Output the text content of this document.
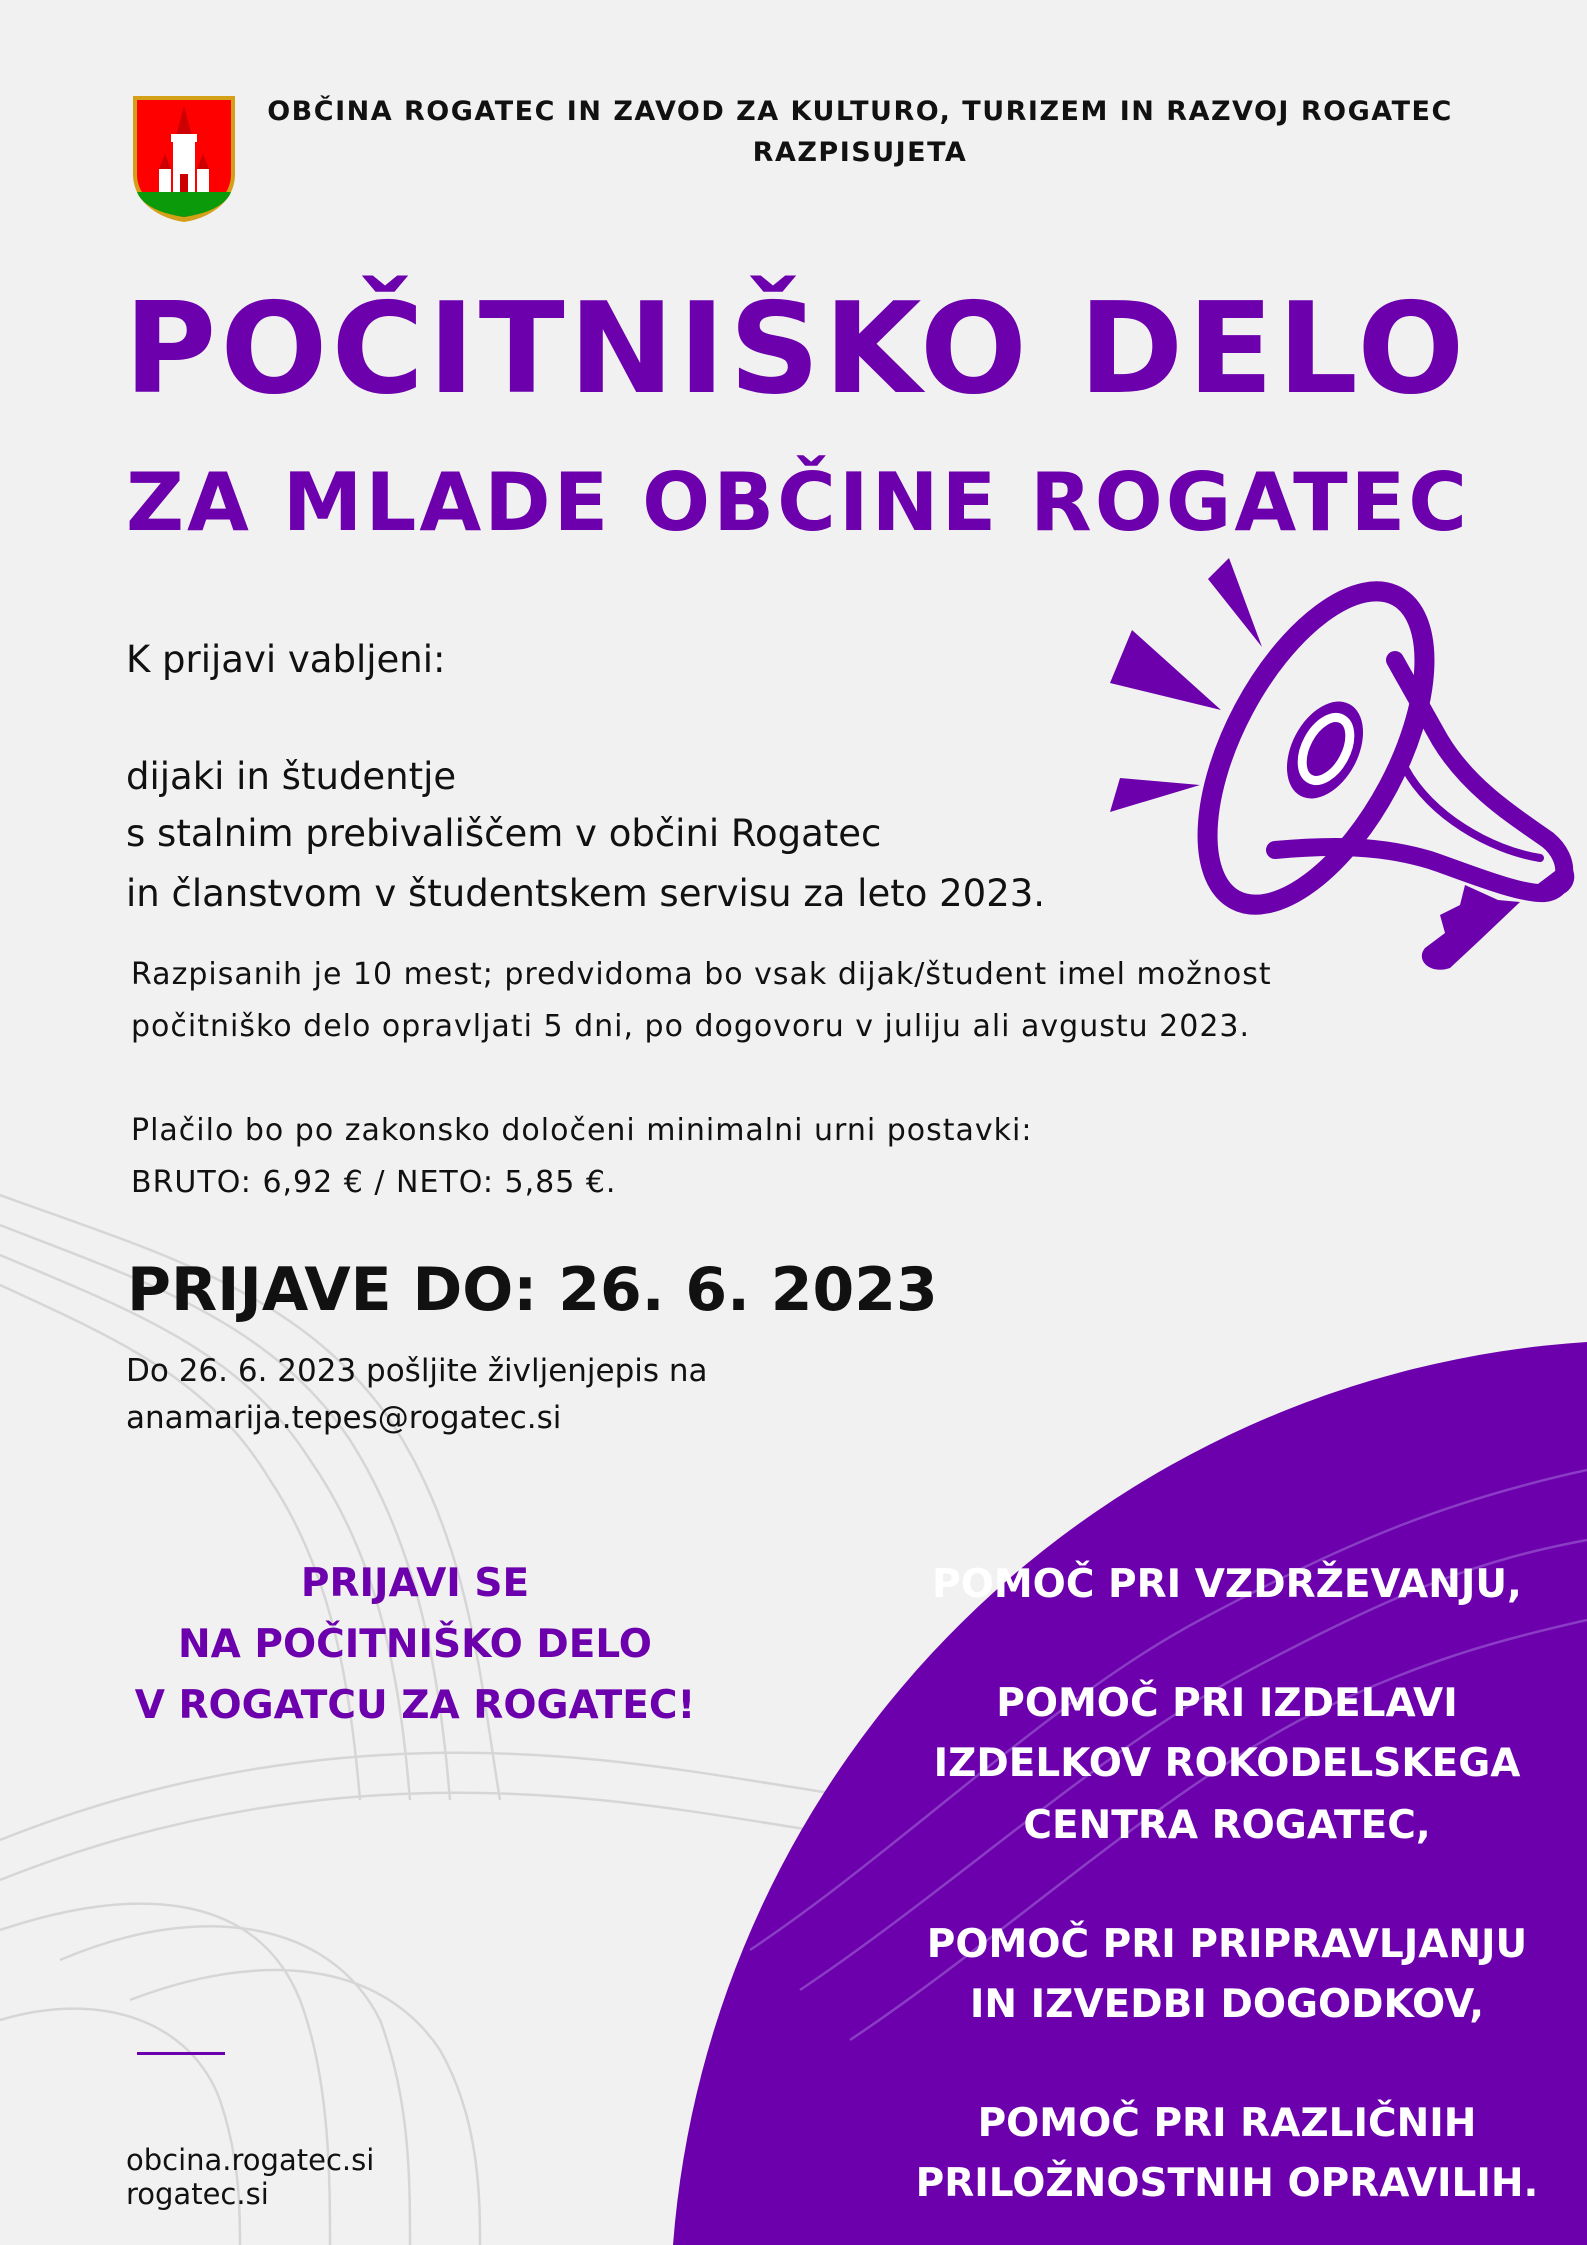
OBČINA ROGATEC IN ZAVOD ZA KULTURO, TURIZEM IN RAZVOJ ROGATEC
RAZPISUJETA
POČITNIŠKO DELO
ZA MLADE OBČINE ROGATEC
K prijavi vabljeni:
dijaki in študentje
s stalnim prebivališčem v občini Rogatec
in članstvom v študentskem servisu za leto 2023.
Razpisanih je 10 mest; predvidoma bo vsak dijak/študent imel možnost
počitniško delo opravljati 5 dni, po dogovoru v juliju ali avgustu 2023.
Plačilo bo po zakonsko določeni minimalni urni postavki:
BRUTO: 6,92 € / NETO: 5,85 €.
PRIJAVE DO: 26. 6. 2023
Do 26. 6. 2023 pošljite življenjepis na
anamarija.tepes@rogatec.si
PRIJAVI SE
NA POČITNIŠKO DELO
V ROGATCU ZA ROGATEC!
POMOČ PRI VZDRŽEVANJU,
POMOČ PRI IZDELAVI
IZDELKOV ROKODELSKEGA
CENTRA ROGATEC,
POMOČ PRI PRIPRAVLJANJU
IN IZVEDBI DOGODKOV,
POMOČ PRI RAZLIČNIH
PRILOŽNOSTNIH OPRAVILIH.
obcina.rogatec.si
rogatec.si
